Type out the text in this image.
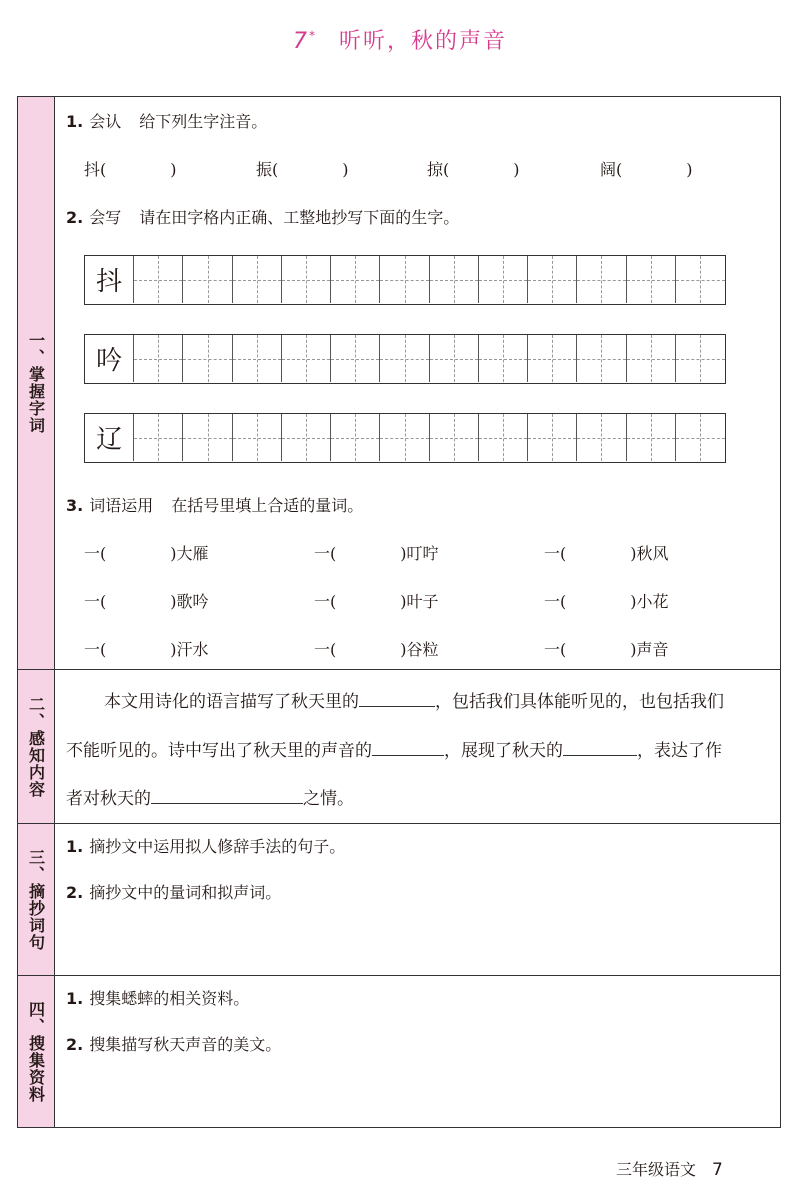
7* 听听，秋的声音
一、掌握字词
1. 会认 给下列生字注音。
抖(　　　　)	振(　　　　)	掠(　　　　)	阔(　　　　)
2. 会写 请在田字格内正确、工整地抄写下面的生字。
抖
吟
辽
3. 词语运用 在括号里填上合适的量词。
一(　　　　)大雁	一(　　　　)叮咛	一(　　　　)秋风
一(　　　　)歌吟	一(　　　　)叶子	一(　　　　)小花
一(　　　　)汗水	一(　　　　)谷粒	一(　　　　)声音
二、感知内容	本文用诗化的语言描写了秋天里的	，包括我们具体能听见的，也包括我们
不能听见的。诗中写出了秋天里的声音的	，展现了秋天的	，表达了作
者对秋天的	之情。
三、摘抄词句
1. 摘抄文中运用拟人修辞手法的句子。
2. 摘抄文中的量词和拟声词。
四、搜集资料
1. 搜集蟋蟀的相关资料。
2. 搜集描写秋天声音的美文。
三年级语文 7
